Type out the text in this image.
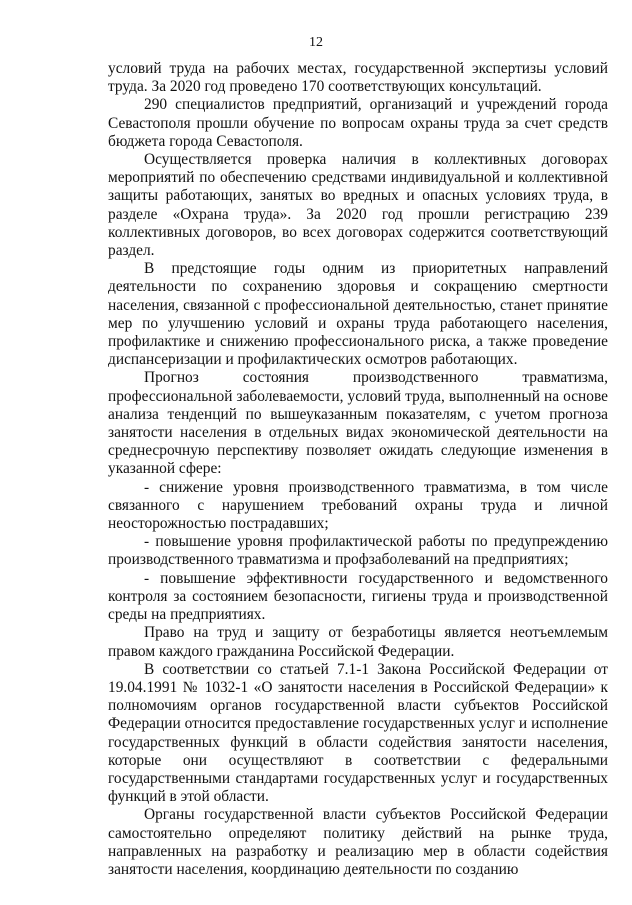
12

условий труда на рабочих местах, государственной экспертизы условий труда. За 2020 год проведено 170 соответствующих консультаций.

290 специалистов предприятий, организаций и учреждений города Севастополя прошли обучение по вопросам охраны труда за счет средств бюджета города Севастополя.

Осуществляется проверка наличия в коллективных договорах мероприятий по обеспечению средствами индивидуальной и коллективной защиты работающих, занятых во вредных и опасных условиях труда, в разделе «Охрана труда». За 2020 год прошли регистрацию 239 коллективных договоров, во всех договорах содержится соответствующий раздел.

В предстоящие годы одним из приоритетных направлений деятельности по сохранению здоровья и сокращению смертности населения, связанной с профессиональной деятельностью, станет принятие мер по улучшению условий и охраны труда работающего населения, профилактике и снижению профессионального риска, а также проведение диспансеризации и профилактических осмотров работающих.

Прогноз состояния производственного травматизма, профессиональной заболеваемости, условий труда, выполненный на основе анализа тенденций по вышеуказанным показателям, с учетом прогноза занятости населения в отдельных видах экономической деятельности на среднесрочную перспективу позволяет ожидать следующие изменения в указанной сфере:

- снижение уровня производственного травматизма, в том числе связанного с нарушением требований охраны труда и личной неосторожностью пострадавших;

- повышение уровня профилактической работы по предупреждению производственного травматизма и профзаболеваний на предприятиях;

- повышение эффективности государственного и ведомственного контроля за состоянием безопасности, гигиены труда и производственной среды на предприятиях.

Право на труд и защиту от безработицы является неотъемлемым правом каждого гражданина Российской Федерации.

В соответствии со статьей 7.1-1 Закона Российской Федерации от 19.04.1991 № 1032-1 «О занятости населения в Российской Федерации» к полномочиям органов государственной власти субъектов Российской Федерации относится предоставление государственных услуг и исполнение государственных функций в области содействия занятости населения, которые они осуществляют в соответствии с федеральными государственными стандартами государственных услуг и государственных функций в этой области.

Органы государственной власти субъектов Российской Федерации самостоятельно определяют политику действий на рынке труда, направленных на разработку и реализацию мер в области содействия занятости населения, координацию деятельности по созданию
